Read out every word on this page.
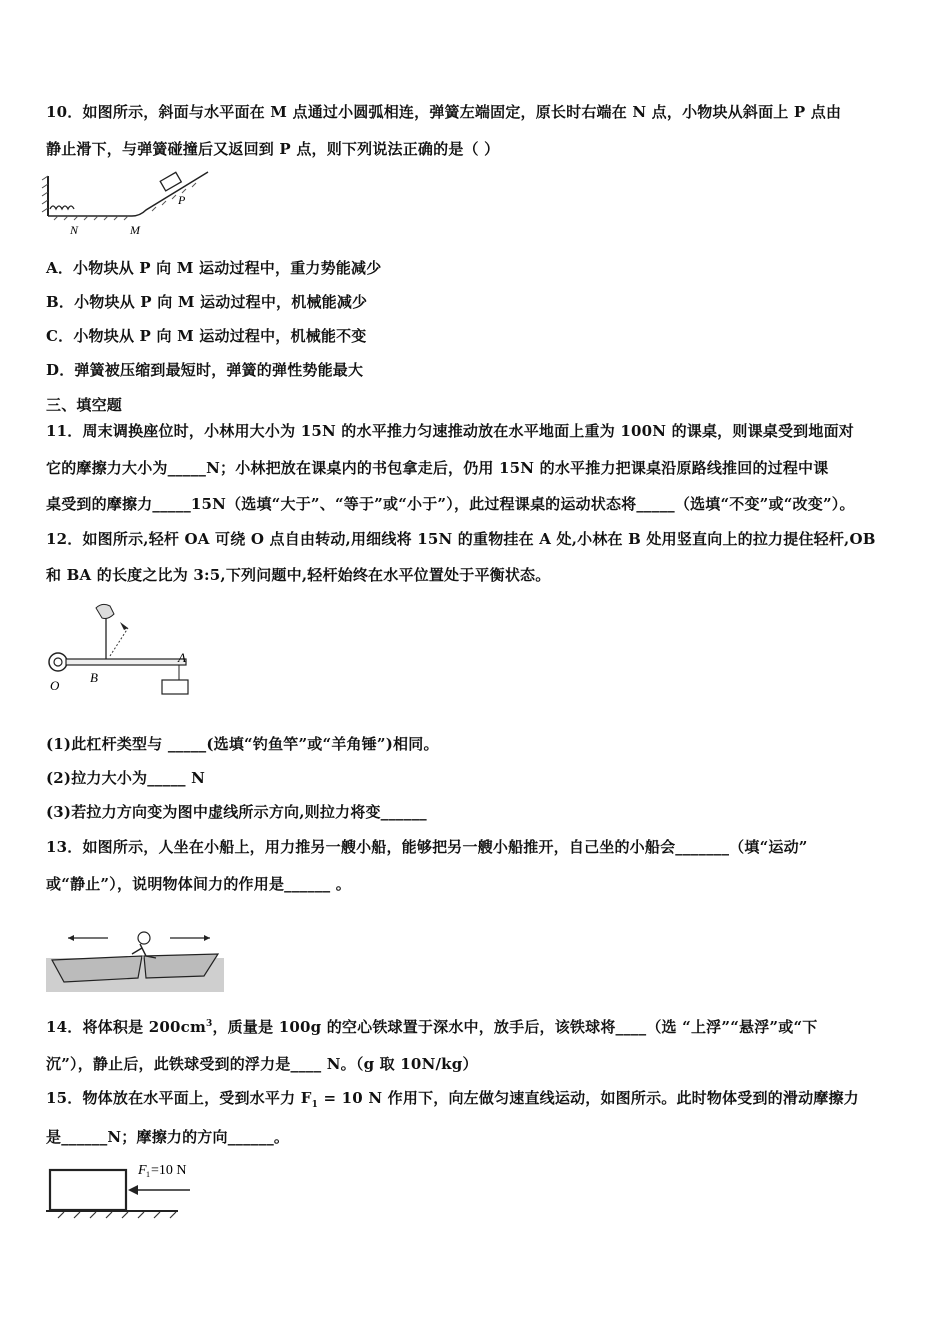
10．如图所示，斜面与水平面在 M 点通过小圆弧相连，弹簧左端固定，原长时右端在 N 点，小物块从斜面上 P 点由
静止滑下，与弹簧碰撞后又返回到 P 点，则下列说法正确的是（ ）
N	M
P
A．小物块从 P 向 M 运动过程中，重力势能减少
B．小物块从 P 向 M 运动过程中，机械能减少
C．小物块从 P 向 M 运动过程中，机械能不变
D．弹簧被压缩到最短时，弹簧的弹性势能最大
三、填空题
11．周末调换座位时，小林用大小为 15N 的水平推力匀速推动放在水平地面上重为 100N 的课桌，则课桌受到地面对
它的摩擦力大小为_____N；小林把放在课桌内的书包拿走后，仍用 15N 的水平推力把课桌沿原路线推回的过程中课
桌受到的摩擦力_____15N（选填“大于”、“等于”或“小于”），此过程课桌的运动状态将_____（选填“不变”或“改变”）。
12．如图所示,轻杆 OA 可绕 O 点自由转动,用细线将 15N 的重物挂在 A 处,小林在 B 处用竖直向上的拉力提住轻杆,OB
和 BA 的长度之比为 3:5,下列问题中,轻杆始终在水平位置处于平衡状态。
O
B
A
(1)此杠杆类型与 _____(选填“钓鱼竿”或“羊角锤”)相同。
(2)拉力大小为_____ N
(3)若拉力方向变为图中虚线所示方向,则拉力将变______
13．如图所示，人坐在小船上，用力推另一艘小船，能够把另一艘小船推开，自己坐的小船会_______（填“运动”
或“静止”），说明物体间力的作用是______ 。
14．将体积是 $200cm^3$，质量是 100g 的空心铁球置于深水中，放手后，该铁球将____（选 “上浮”“悬浮”或“下
沉”），静止后，此铁球受到的浮力是____ N。（g 取 10N/kg）
15．物体放在水平面上，受到水平力 $F_1 = 10$ N 作用下，向左做匀速直线运动，如图所示。此时物体受到的滑动摩擦力
是______N；摩擦力的方向______。
F 1 =10 N
